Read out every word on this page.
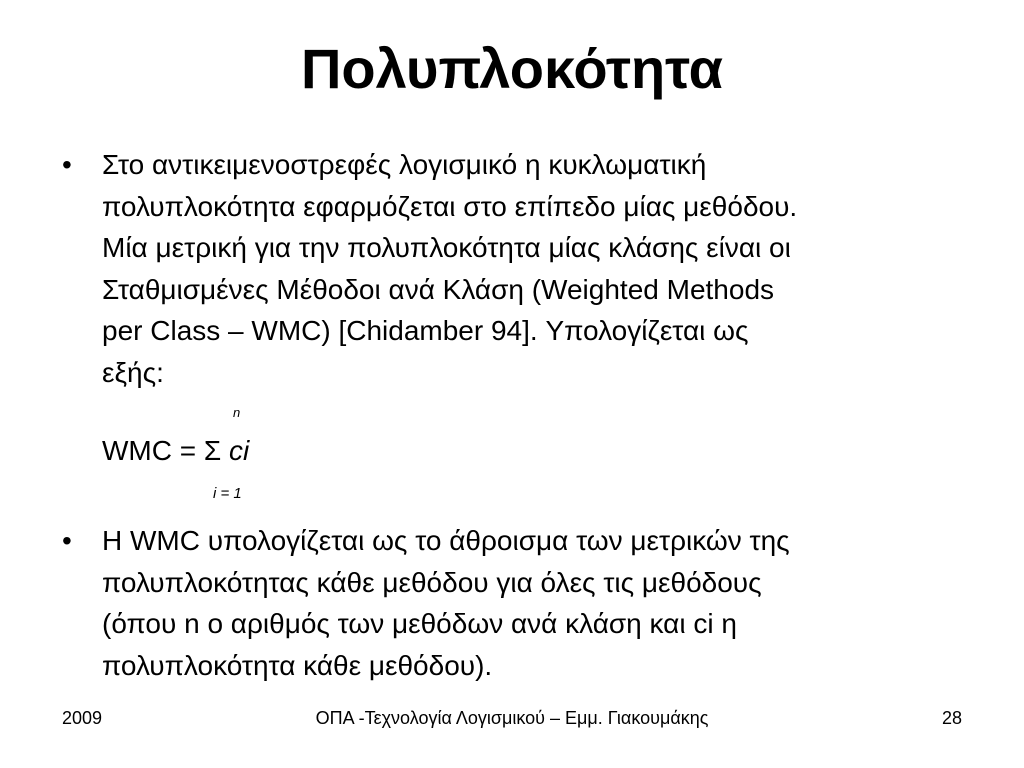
Πολυπλοκότητα
• Στο αντικειμενοστρεφές λογισμικό η κυκλωματική
πολυπλοκότητα εφαρμόζεται στο επίπεδο μίας μεθόδου.
Μία μετρική για την πολυπλοκότητα μίας κλάσης είναι οι
Σταθμισμένες Μέθοδοι ανά Κλάση (Weighted Methods
per Class – WMC) [Chidamber 94]. Υπολογίζεται ως
εξής:
n
WMC = Σ ci
i = 1
• Η WMC υπολογίζεται ως το άθροισμα των μετρικών της
πολυπλοκότητας κάθε μεθόδου για όλες τις μεθόδους
(όπου n ο αριθμός των μεθόδων ανά κλάση και ci η
πολυπλοκότητα κάθε μεθόδου).
2009	ΟΠΑ -Τεχνολογία Λογισμικού – Εμμ. Γιακουμάκης	28
